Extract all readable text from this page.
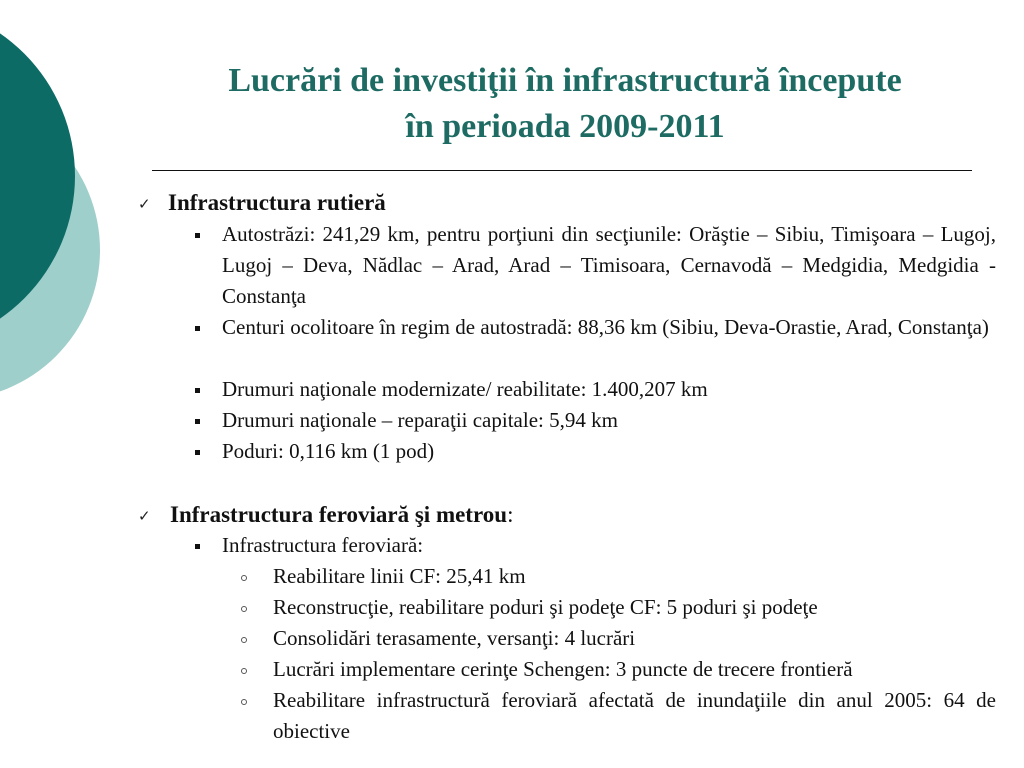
Lucrări de investiţii în infrastructură începute
în perioada 2009-2011
✓ Infrastructura rutieră
Autostrăzi: 241,29 km, pentru porţiuni din secţiunile: Orăştie – Sibiu, Timişoara – Lugoj, Lugoj – Deva, Nădlac – Arad, Arad – Timisoara, Cernavodă – Medgidia, Medgidia - Constanţa
Centuri ocolitoare în regim de autostradă: 88,36 km (Sibiu, Deva-Orastie, Arad, Constanţa)
Drumuri naţionale modernizate/ reabilitate: 1.400,207 km
Drumuri naţionale – reparaţii capitale: 5,94 km
Poduri: 0,116 km (1 pod)
✓ Infrastructura feroviară şi metrou:
Infrastructura feroviară:
Reabilitare linii CF: 25,41 km
Reconstrucţie, reabilitare poduri şi podeţe CF: 5 poduri şi podeţe
Consolidări terasamente, versanţi: 4 lucrări
Lucrări implementare cerinţe Schengen: 3 puncte de trecere frontieră
Reabilitare infrastructură feroviară afectată de inundaţiile din anul 2005: 64 de obiective
